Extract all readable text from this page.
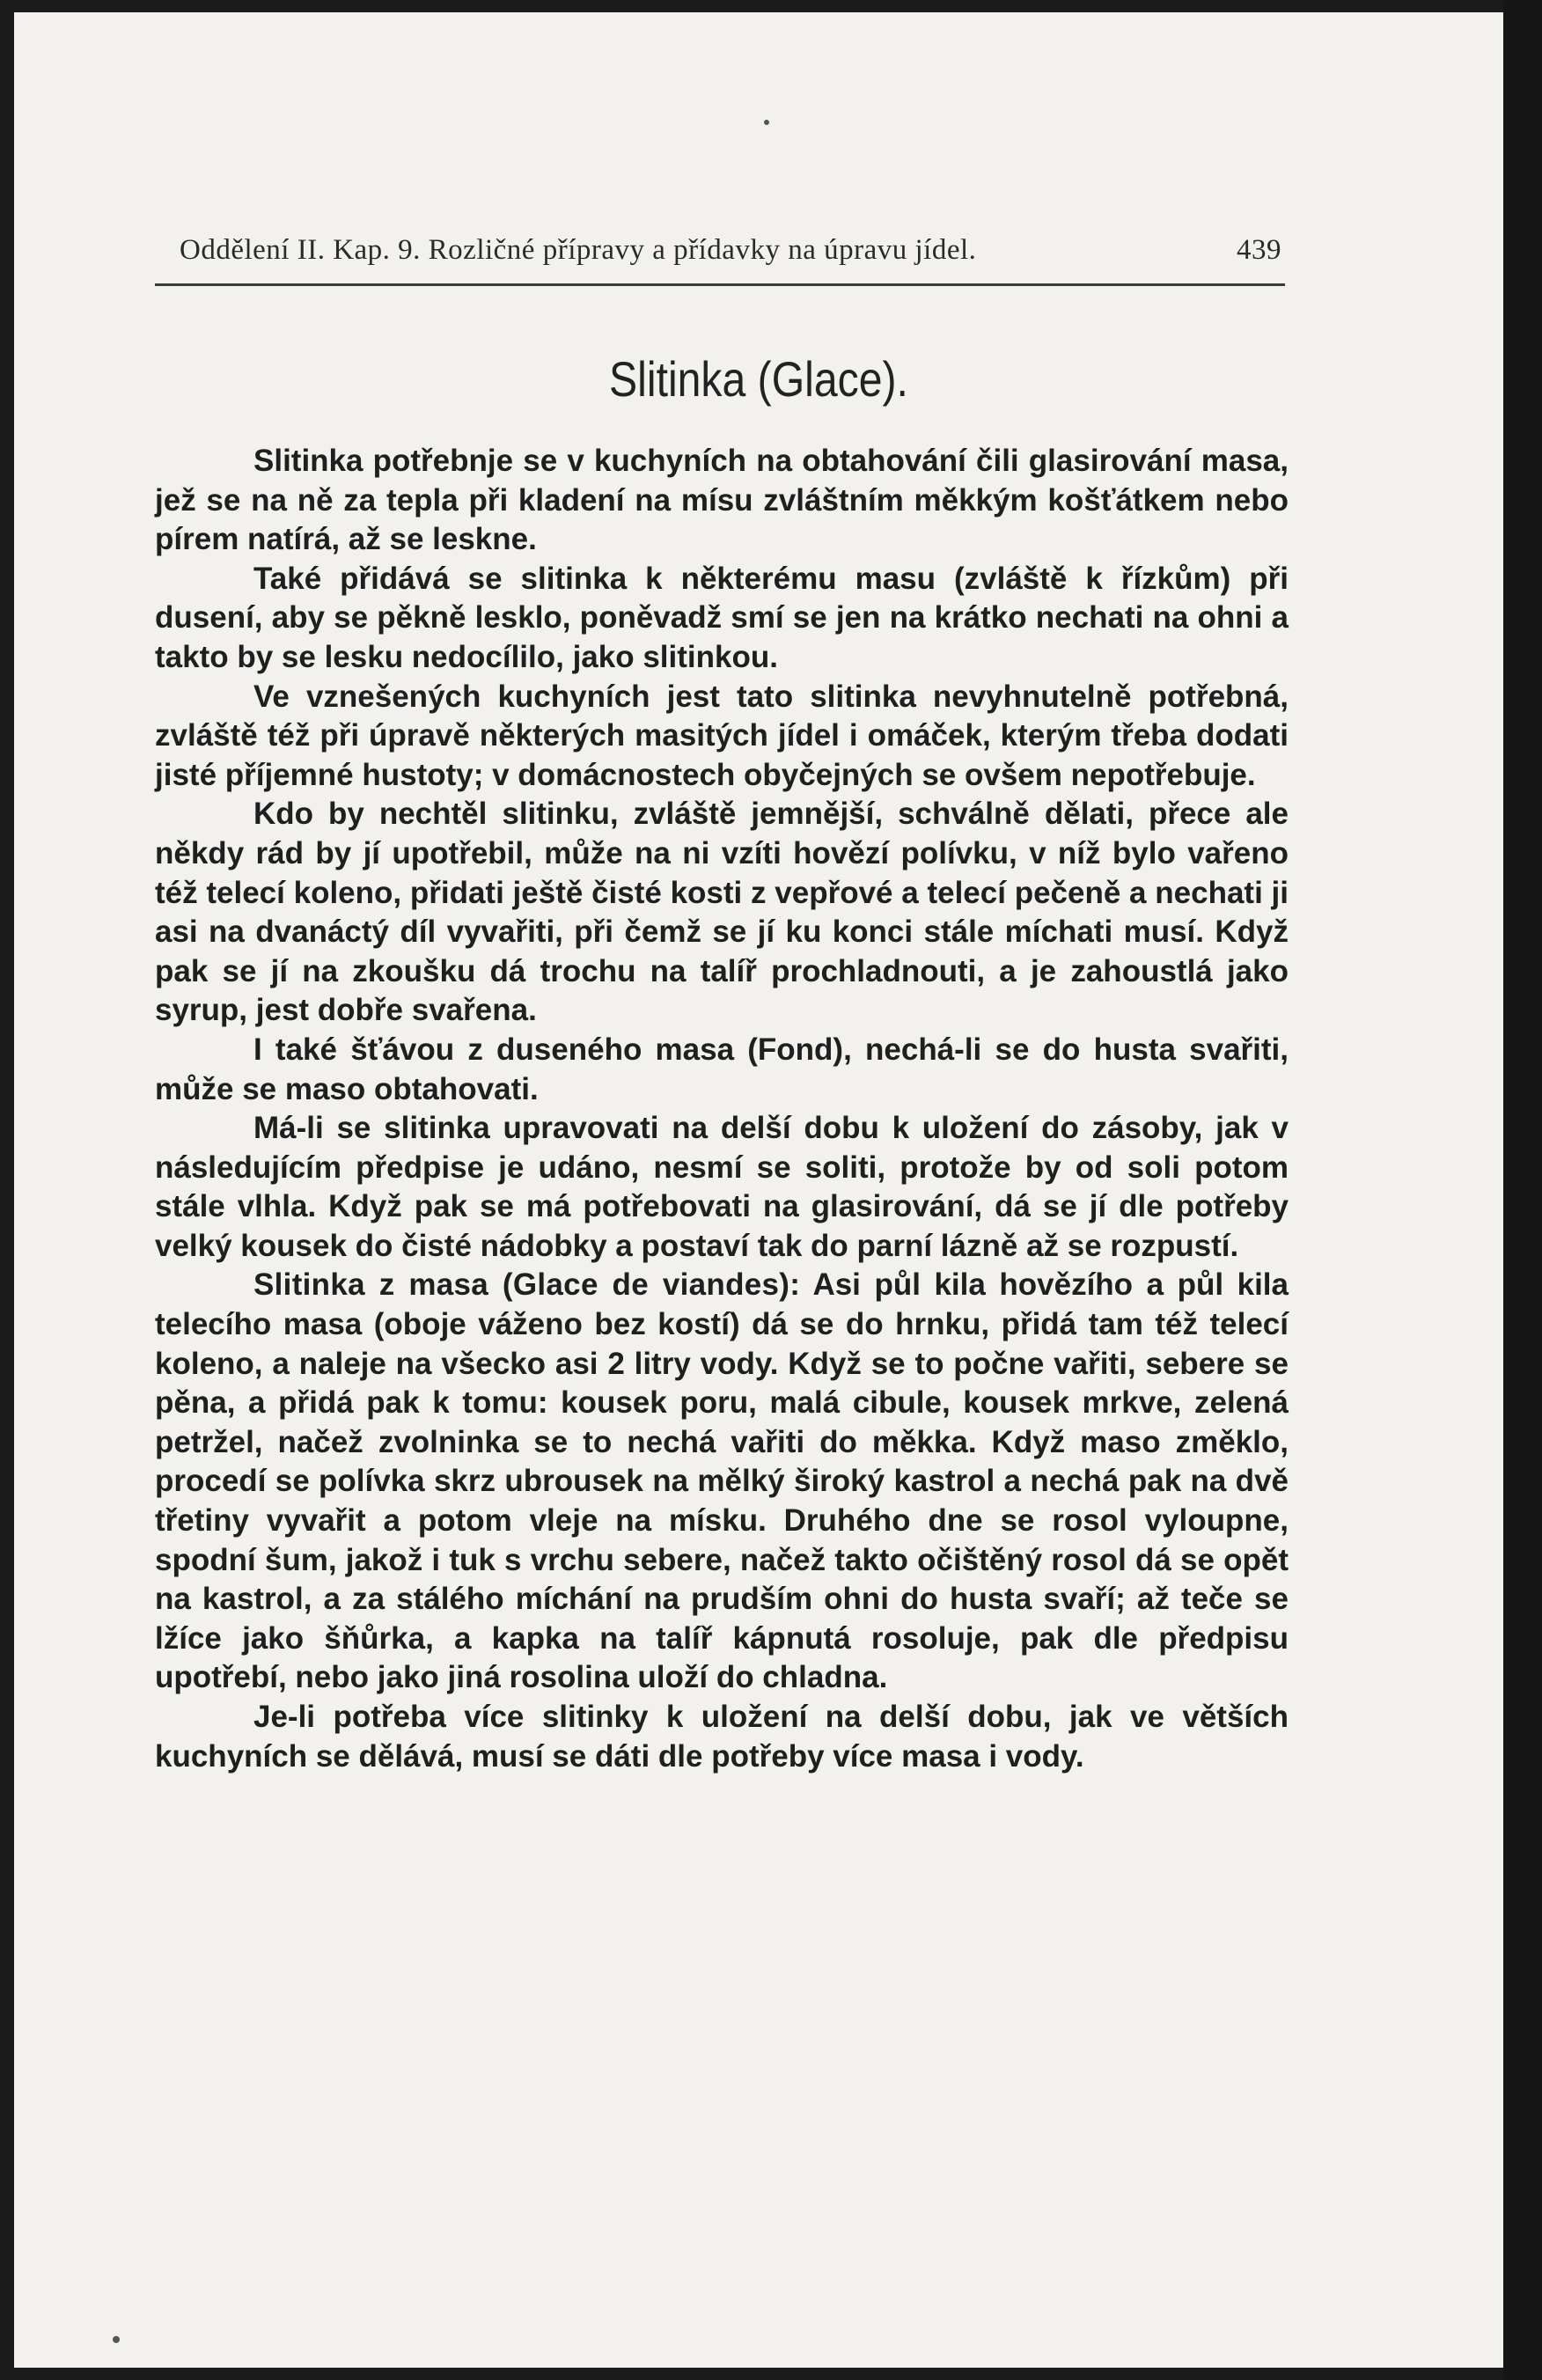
Oddělení II. Kap. 9. Rozličné přípravy a přídavky na úpravu jídel.	439
Slitinka (Glace).

Slitinka potřebnje se v kuchyních na obtahování čili glasirování masa, jež se na ně za tepla při kladení na mísu zvláštním měkkým košťátkem nebo pírem natírá, až se leskne.

Také přidává se slitinka k některému masu (zvláště k řízkům) při dusení, aby se pěkně lesklo, poněvadž smí se jen na krátko nechati na ohni a takto by se lesku nedocílilo, jako slitinkou.

Ve vznešených kuchyních jest tato slitinka nevyhnutelně potřebná, zvláště též při úpravě některých masitých jídel i omáček, kterým třeba dodati jisté příjemné hustoty; v domácnostech obyčejných se ovšem nepotřebuje.

Kdo by nechtěl slitinku, zvláště jemnější, schválně dělati, přece ale někdy rád by jí upotřebil, může na ni vzíti hovězí polívku, v níž bylo vařeno též telecí koleno, přidati ještě čisté kosti z vepřové a telecí pečeně a nechati ji asi na dvanáctý díl vyvařiti, při čemž se jí ku konci stále míchati musí. Když pak se jí na zkoušku dá trochu na talíř prochladnouti, a je zahoustlá jako syrup, jest dobře svařena.

I také šťávou z duseného masa (Fond), nechá-li se do husta svařiti, může se maso obtahovati.

Má-li se slitinka upravovati na delší dobu k uložení do zásoby, jak v následujícím předpise je udáno, nesmí se soliti, protože by od soli potom stále vlhla. Když pak se má potřebovati na glasirování, dá se jí dle potřeby velký kousek do čisté nádobky a postaví tak do parní lázně až se rozpustí.

Slitinka z masa (Glace de viandes): Asi půl kila hovězího a půl kila telecího masa (oboje váženo bez kostí) dá se do hrnku, přidá tam též telecí koleno, a naleje na všecko asi 2 litry vody. Když se to počne vařiti, sebere se pěna, a přidá pak k tomu: kousek poru, malá cibule, kousek mrkve, zelená petržel, načež zvolninka se to nechá vařiti do měkka. Když maso změklo, procedí se polívka skrz ubrousek na mělký široký kastrol a nechá pak na dvě třetiny vyvařit a potom vleje na mísku. Druhého dne se rosol vyloupne, spodní šum, jakož i tuk s vrchu sebere, načež takto očištěný rosol dá se opět na kastrol, a za stálého míchání na prudším ohni do husta svaří; až teče se lžíce jako šňůrka, a kapka na talíř kápnutá rosoluje, pak dle předpisu upotřebí, nebo jako jiná rosolina uloží do chladna.

Je-li potřeba více slitinky k uložení na delší dobu, jak ve větších kuchyních se dělává, musí se dáti dle potřeby více masa i vody.
